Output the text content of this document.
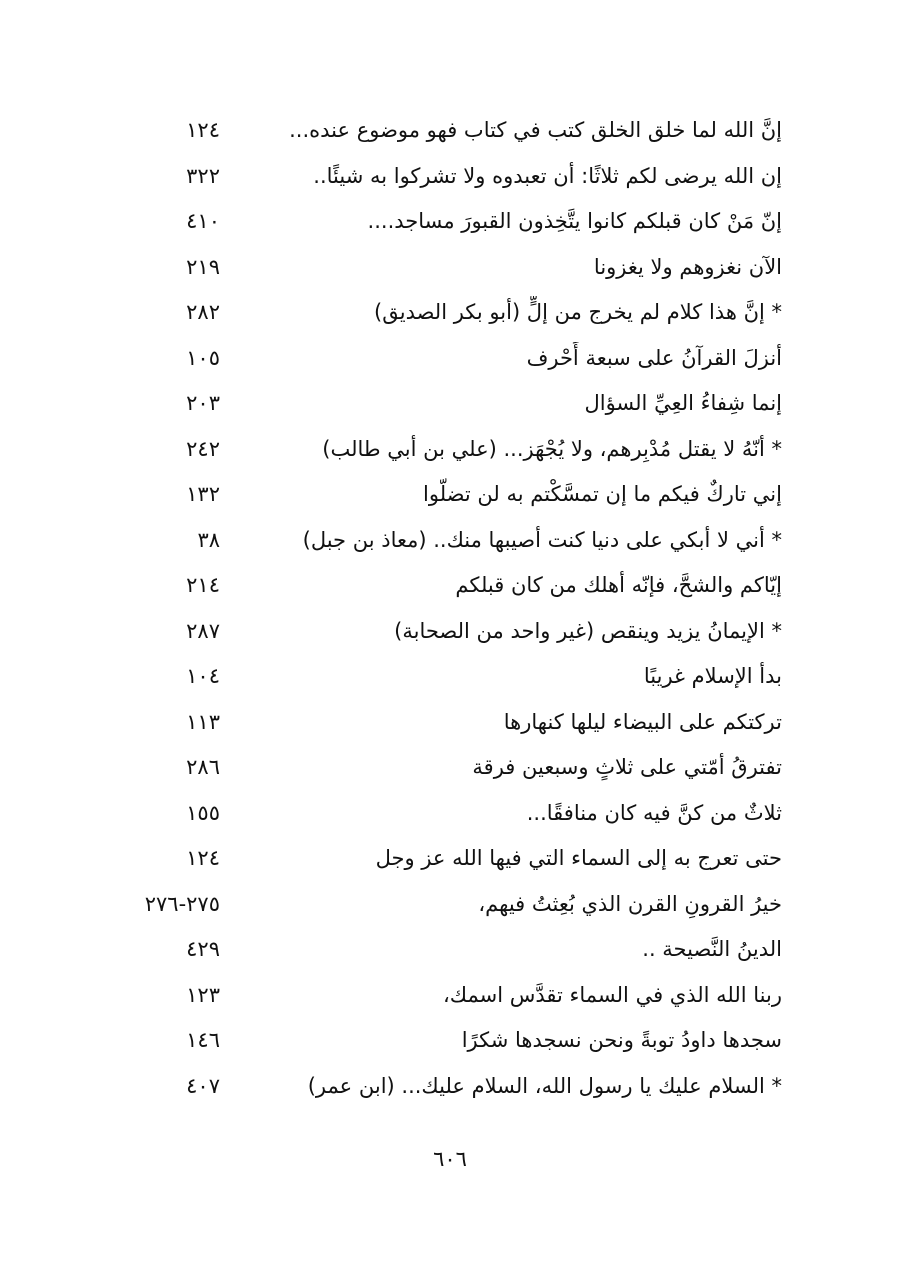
إنَّ الله لما خلق الخلق كتب في كتاب فهو موضوع عنده...
١٢٤
إن الله يرضى لكم ثلاثًا: أن تعبدوه ولا تشركوا به شيئًا..
٣٢٢
إنّ مَنْ كان قبلكم كانوا يتَّخِذون القبورَ مساجد....
٤١٠
الآن نغزوهم ولا يغزونا
٢١٩
* إنَّ هذا كلام لم يخرج من إلٍّ (أبو بكر الصديق)
٢٨٢
أنزلَ القرآنُ على سبعة أَحْرف
١٠٥
إنما شِفاءُ العِيِّ السؤال
٢٠٣
* أنّهُ لا يقتل مُدْبِرهم، ولا يُجْهَز... (علي بن أبي طالب)
٢٤٢
إني تاركٌ فيكم ما إن تمسَّكْتم به لن تضلّوا
١٣٢
* أني لا أبكي على دنيا كنت أصيبها منك.. (معاذ بن جبل)
٣٨
إيّاكم والشحَّ، فإنّه أهلك من كان قبلكم
٢١٤
* الإيمانُ يزيد وينقص (غير واحد من الصحابة)
٢٨٧
بدأ الإسلام غريبًا
١٠٤
تركتكم على البيضاء ليلها كنهارها
١١٣
تفترقُ أمّتي على ثلاثٍ وسبعين فرقة
٢٨٦
ثلاثٌ من كنَّ فيه كان منافقًا...
١٥٥
حتى تعرج به إلى السماء التي فيها الله عز وجل
١٢٤
خيرُ القرونِ القرن الذي بُعِثتُ فيهم،
٢٧٥-٢٧٦
الدينُ النَّصيحة ..
٤٢٩
ربنا الله الذي في السماء تقدَّس اسمك،
١٢٣
سجدها داودُ توبةً ونحن نسجدها شكرًا
١٤٦
* السلام عليك يا رسول الله، السلام عليك... (ابن عمر)
٤٠٧
٦٠٦
